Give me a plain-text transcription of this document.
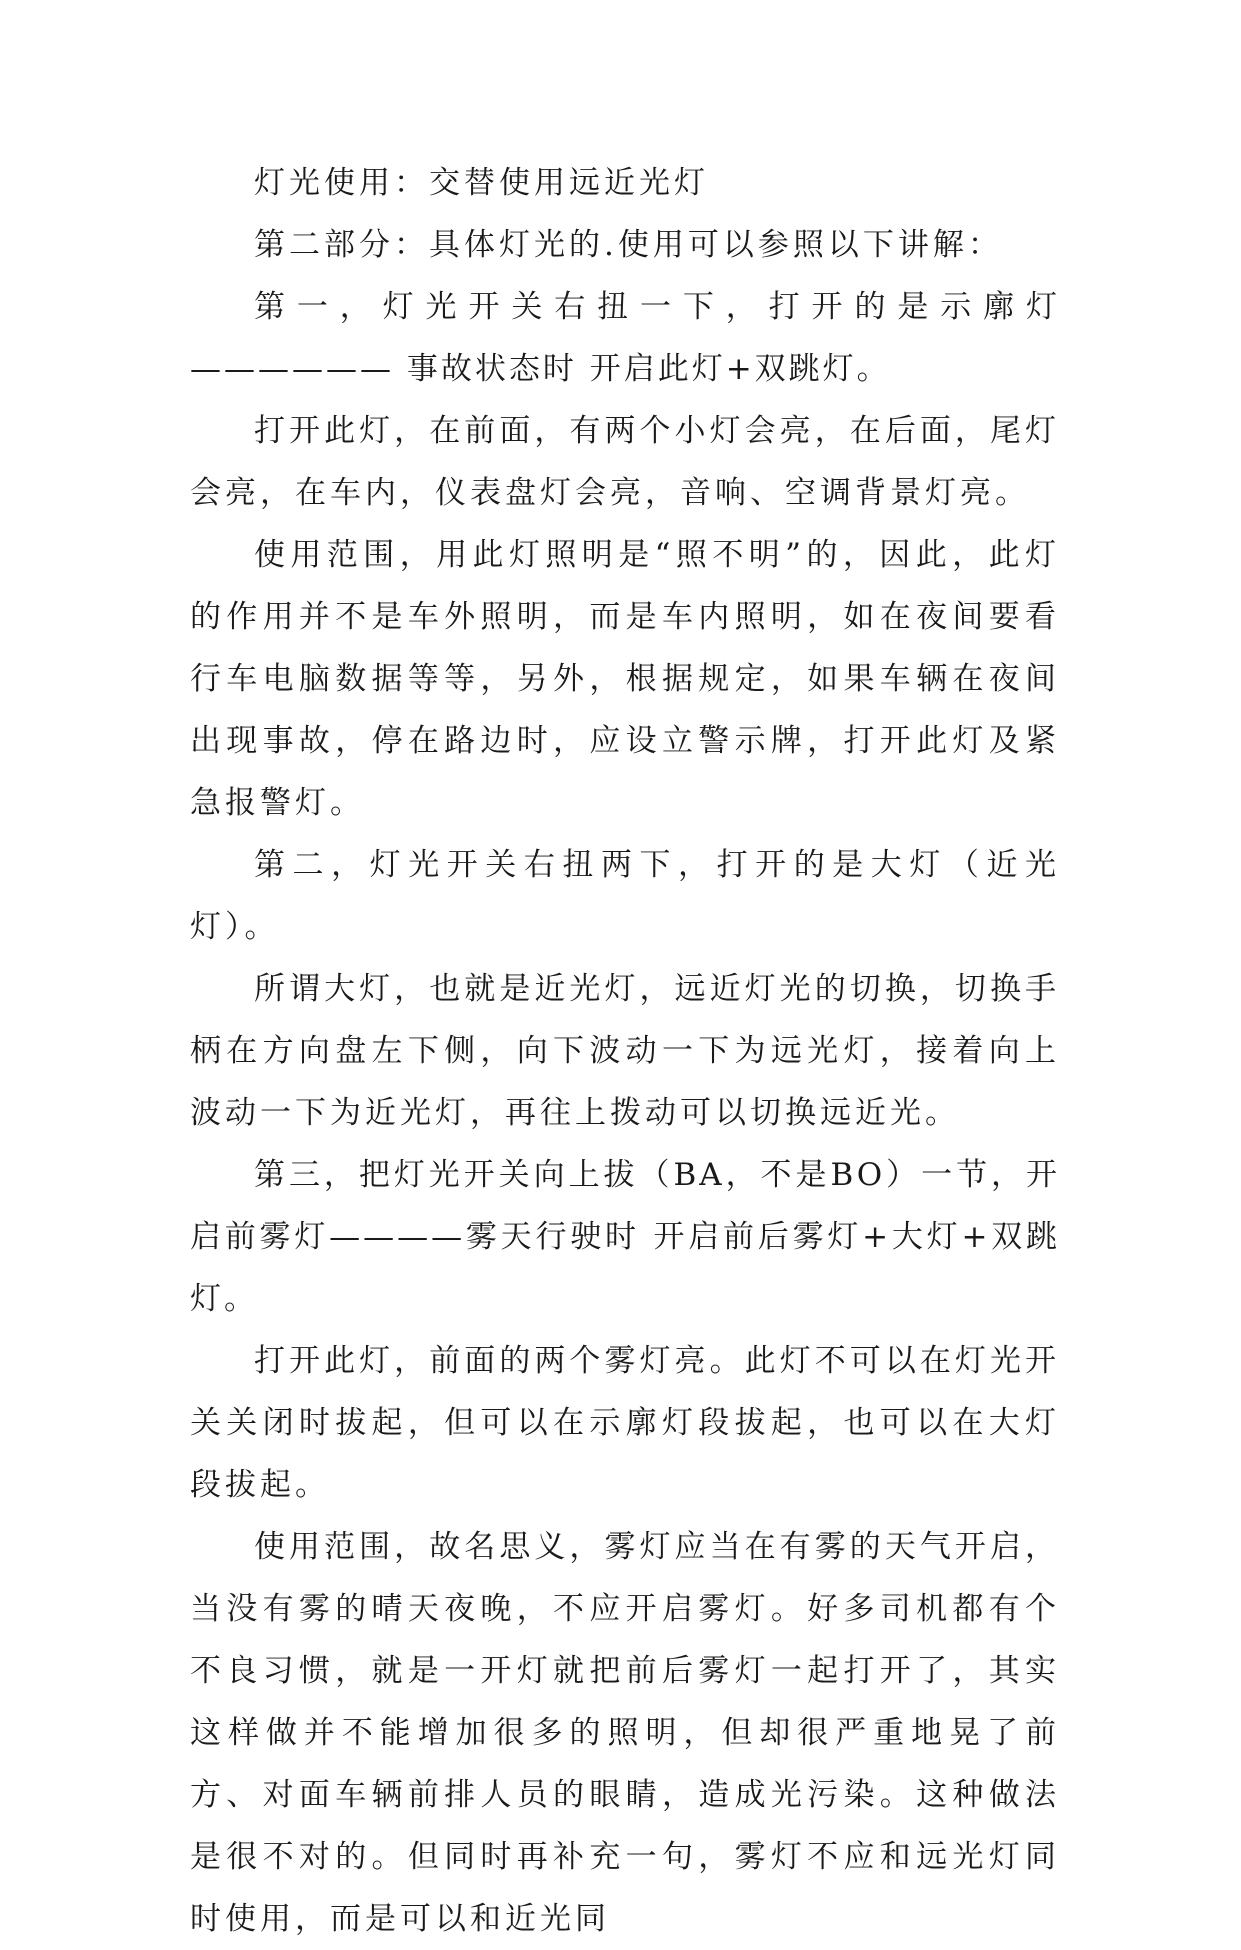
灯光使用：交替使用远近光灯

第二部分：具体灯光的.使用可以参照以下讲解：

第一，灯光开关右扭一下，打开的是示廓灯—————— 事故状态时 开启此灯+双跳灯。

打开此灯，在前面，有两个小灯会亮，在后面，尾灯会亮，在车内，仪表盘灯会亮，音响、空调背景灯亮。

使用范围，用此灯照明是“照不明”的，因此，此灯的作用并不是车外照明，而是车内照明，如在夜间要看行车电脑数据等等，另外，根据规定，如果车辆在夜间出现事故，停在路边时，应设立警示牌，打开此灯及紧急报警灯。

第二，灯光开关右扭两下，打开的是大灯（近光灯）。

所谓大灯，也就是近光灯，远近灯光的切换，切换手柄在方向盘左下侧，向下波动一下为远光灯，接着向上波动一下为近光灯，再往上拨动可以切换远近光。

第三，把灯光开关向上拔（BA，不是BO）一节，开启前雾灯————雾天行驶时 开启前后雾灯+大灯+双跳灯。

打开此灯，前面的两个雾灯亮。此灯不可以在灯光开关关闭时拔起，但可以在示廓灯段拔起，也可以在大灯段拔起。

使用范围，故名思义，雾灯应当在有雾的天气开启，当没有雾的晴天夜晚，不应开启雾灯。好多司机都有个不良习惯，就是一开灯就把前后雾灯一起打开了，其实这样做并不能增加很多的照明，但却很严重地晃了前方、对面车辆前排人员的眼睛，造成光污染。这种做法是很不对的。但同时再补充一句，雾灯不应和远光灯同时使用，而是可以和近光同
